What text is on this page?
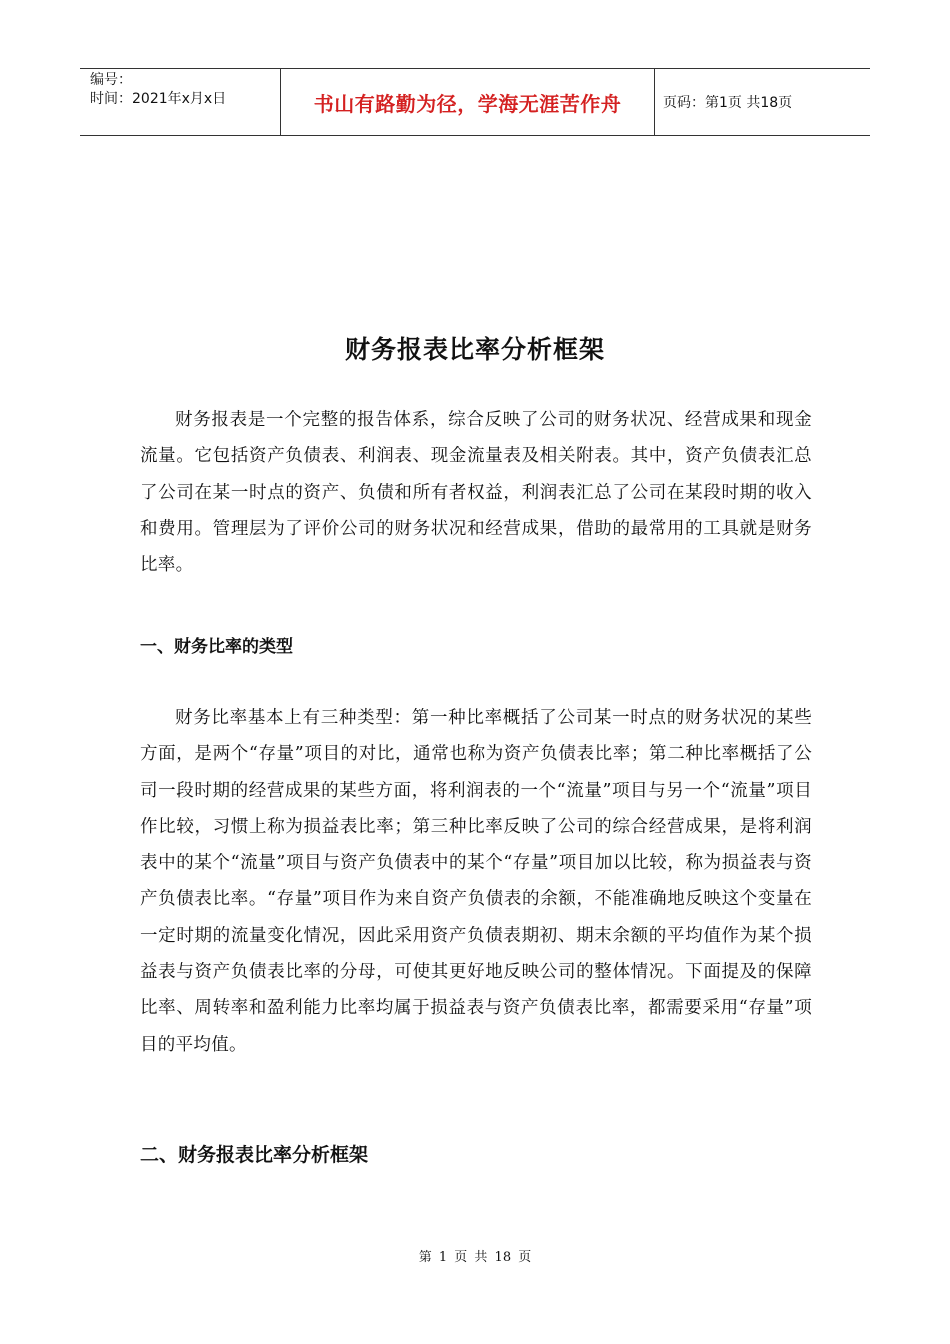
编号：
时间：2021年x月x日	书山有路勤为径，学海无涯苦作舟	页码：第1页 共18页
财务报表比率分析框架

财务报表是一个完整的报告体系，综合反映了公司的财务状况、经营成果和现金流量。它包括资产负债表、利润表、现金流量表及相关附表。其中，资产负债表汇总了公司在某一时点的资产、负债和所有者权益，利润表汇总了公司在某段时期的收入和费用。管理层为了评价公司的财务状况和经营成果，借助的最常用的工具就是财务比率。

一、财务比率的类型

财务比率基本上有三种类型：第一种比率概括了公司某一时点的财务状况的某些方面，是两个“存量”项目的对比，通常也称为资产负债表比率；第二种比率概括了公司一段时期的经营成果的某些方面，将利润表的一个“流量”项目与另一个“流量”项目作比较，习惯上称为损益表比率；第三种比率反映了公司的综合经营成果，是将利润表中的某个“流量”项目与资产负债表中的某个“存量”项目加以比较，称为损益表与资产负债表比率。“存量”项目作为来自资产负债表的余额，不能准确地反映这个变量在一定时期的流量变化情况，因此采用资产负债表期初、期末余额的平均值作为某个损益表与资产负债表比率的分母，可使其更好地反映公司的整体情况。下面提及的保障比率、周转率和盈利能力比率均属于损益表与资产负债表比率，都需要采用“存量”项目的平均值。

二、财务报表比率分析框架
第 1 页 共 18 页
